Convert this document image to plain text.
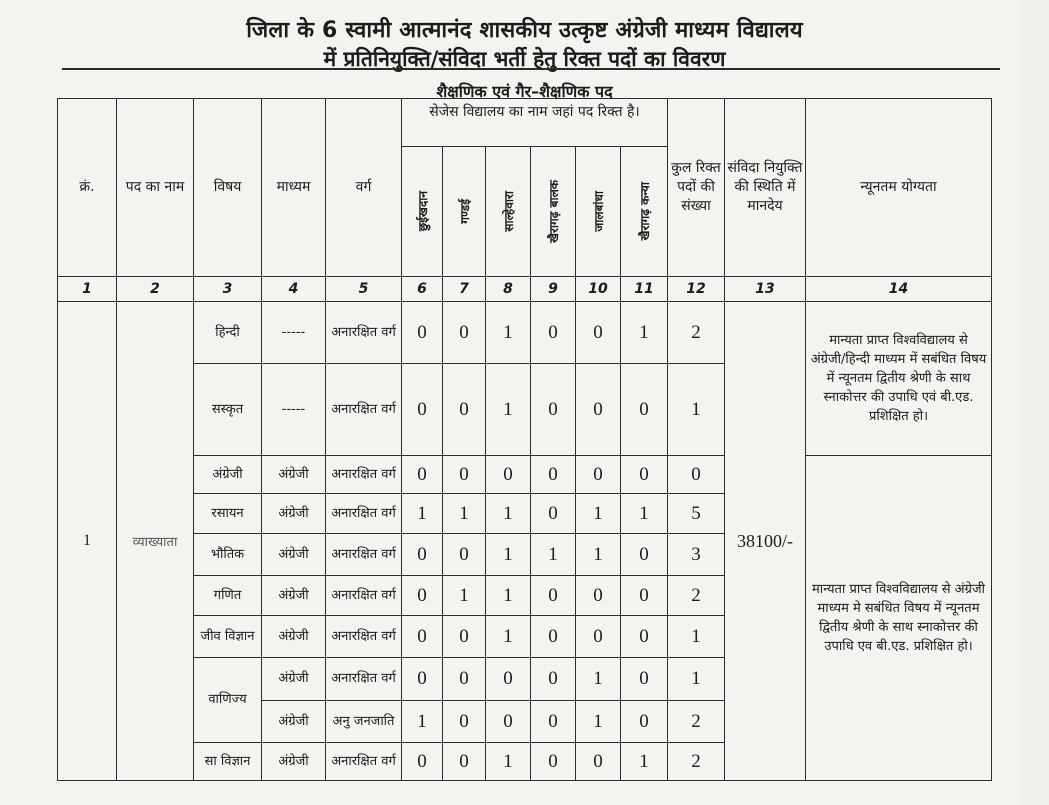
जिला के 6 स्वामी आत्मानंद शासकीय उत्कृष्ट अंग्रेजी माध्यम विद्यालय
में प्रतिनियुक्ति/संविदा भर्ती हेतु रिक्त पदों का विवरण
शैक्षणिक एवं गैर–शैक्षणिक पद
क्रं.	पद का नाम	विषय	माध्यम	वर्ग	सेजेस विद्यालय का नाम जहां पद रिक्त है।						कुल रिक्त पदों की संख्या	संविदा नियुक्ति की स्थिति में मानदेय	न्यूनतम योग्यता

					छुईखदान	गण्डई	साल्हेवारा	खैरागढ़ बालक	जालबांधा	खैरागढ़ कन्या			

1	2	3	4	5	6	7	8	9	10	11	12	13	14
1	व्याख्याता	हिन्दी	-----	अनारक्षित वर्ग	0	0	1	0	0	1	2	38100/-	मान्यता प्राप्त विश्वविद्यालय से अंग्रेजी/हिन्दी माध्यम में सबंधित विषय में न्यूनतम द्वितीय श्रेणी के साथ स्नाकोत्तर की उपाधि एवं बी.एड. प्रशिक्षित हो।
		सस्कृत	-----	अनारक्षित वर्ग	0	0	1	0	0	0	1		
		अंग्रेजी	अंग्रेजी	अनारक्षित वर्ग	0	0	0	0	0	0	0		मान्यता प्राप्त विश्वविद्यालय से अंग्रेजी माध्यम मे सबंधित विषय में न्यूनतम द्वितीय श्रेणी के साथ स्नाकोत्तर की उपाधि एव बी.एड. प्रशिक्षित हो।
		रसायन	अंग्रेजी	अनारक्षित वर्ग	1	1	1	0	1	1	5		
		भौतिक	अंग्रेजी	अनारक्षित वर्ग	0	0	1	1	1	0	3		
		गणित	अंग्रेजी	अनारक्षित वर्ग	0	1	1	0	0	0	2		
		जीव विज्ञान	अंग्रेजी	अनारक्षित वर्ग	0	0	1	0	0	0	1		
		वाणिज्य	अंग्रेजी	अनारक्षित वर्ग	0	0	0	0	1	0	1		
			अंग्रेजी	अनु जनजाति	1	0	0	0	1	0	2		
		सा विज्ञान	अंग्रेजी	अनारक्षित वर्ग	0	0	1	0	0	1	2		
